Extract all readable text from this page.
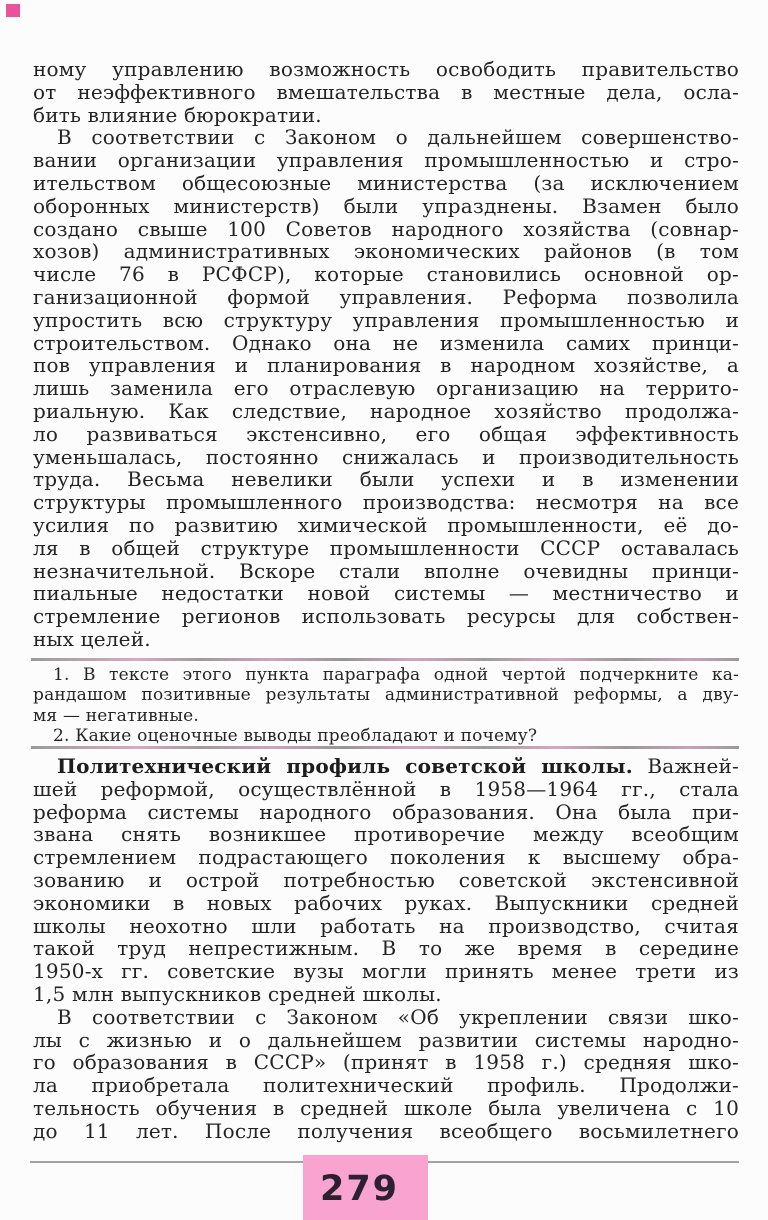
ному управлению возможность освободить правительство
от неэффективного вмешательства в местные дела, осла-
бить влияние бюрократии.
В соответствии с Законом о дальнейшем совершенство-
вании организации управления промышленностью и стро-
ительством общесоюзные министерства (за исключением
оборонных министерств) были упразднены. Взамен было
создано свыше 100 Советов народного хозяйства (совнар-
хозов) административных экономических районов (в том
числе 76 в РСФСР), которые становились основной ор-
ганизационной формой управления. Реформа позволила
упростить всю структуру управления промышленностью и
строительством. Однако она не изменила самих принци-
пов управления и планирования в народном хозяйстве, а
лишь заменила его отраслевую организацию на террито-
риальную. Как следствие, народное хозяйство продолжа-
ло развиваться экстенсивно, его общая эффективность
уменьшалась, постоянно снижалась и производительность
труда. Весьма невелики были успехи и в изменении
структуры промышленного производства: несмотря на все
усилия по развитию химической промышленности, её до-
ля в общей структуре промышленности СССР оставалась
незначительной. Вскоре стали вполне очевидны принци-
пиальные недостатки новой системы — местничество и
стремление регионов использовать ресурсы для собствен-
ных целей.
1. В тексте этого пункта параграфа одной чертой подчеркните ка-
рандашом позитивные результаты административной реформы, а дву-
мя — негативные.
2. Какие оценочные выводы преобладают и почему?
Политехнический профиль советской школы. Важней-
шей реформой, осуществлённой в 1958—1964 гг., стала
реформа системы народного образования. Она была при-
звана снять возникшее противоречие между всеобщим
стремлением подрастающего поколения к высшему обра-
зованию и острой потребностью советской экстенсивной
экономики в новых рабочих руках. Выпускники средней
школы неохотно шли работать на производство, считая
такой труд непрестижным. В то же время в середине
1950-х гг. советские вузы могли принять менее трети из
1,5 млн выпускников средней школы.
В соответствии с Законом «Об укреплении связи шко-
лы с жизнью и о дальнейшем развитии системы народно-
го образования в СССР» (принят в 1958 г.) средняя шко-
ла приобретала политехнический профиль. Продолжи-
тельность обучения в средней школе была увеличена с 10
до 11 лет. После получения всеобщего восьмилетнего
279
